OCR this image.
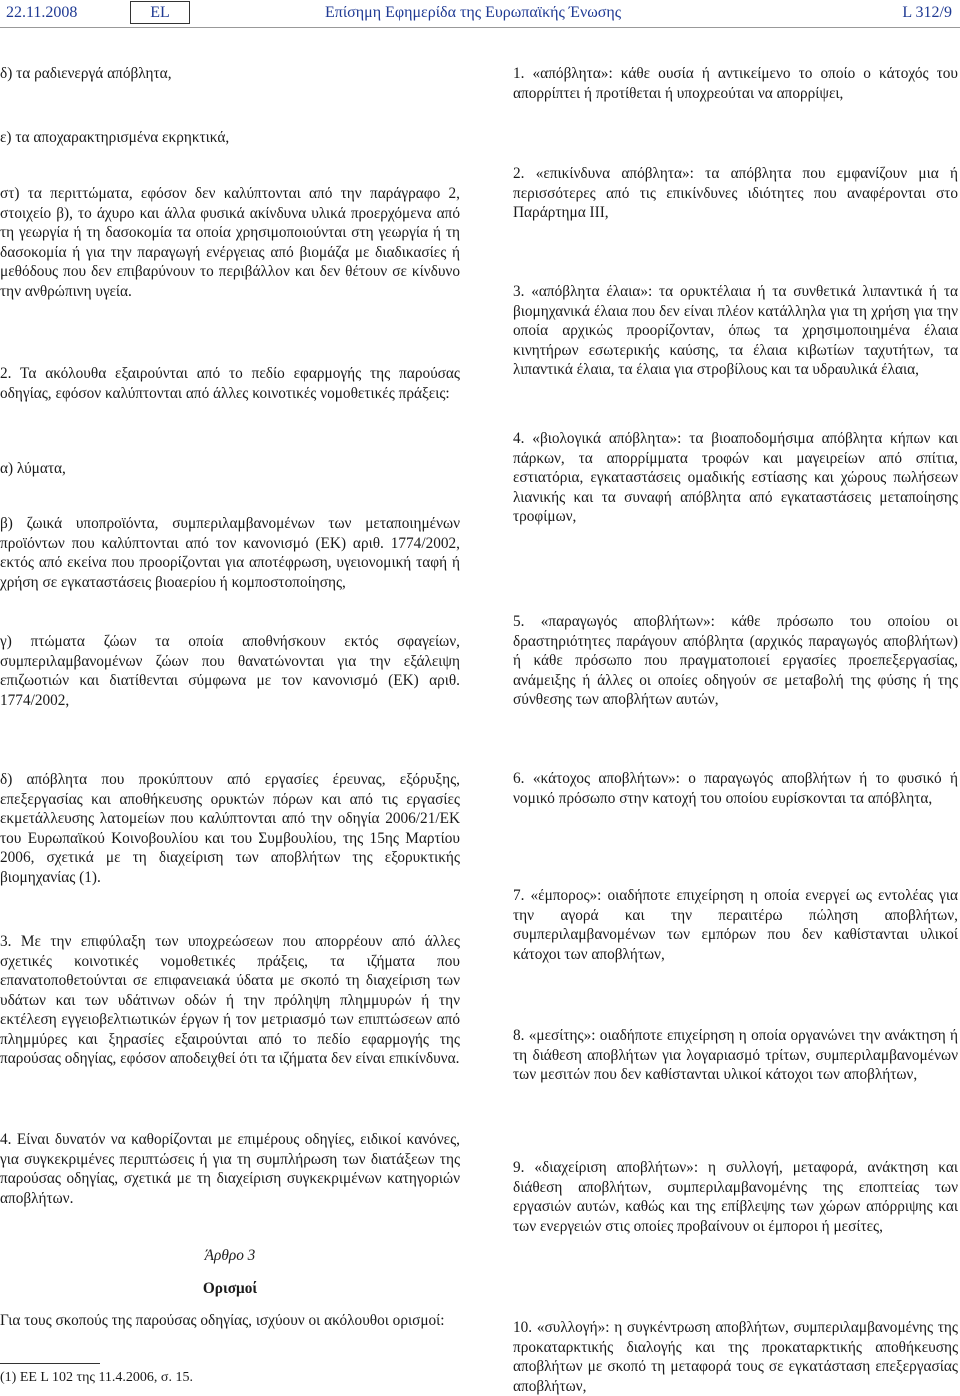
22.11.2008	EL	Επίσημη Εφημερίδα της Ευρωπαϊκής Ένωσης	L 312/9
δ) τα ραδιενεργά απόβλητα,
ε) τα αποχαρακτηρισμένα εκρηκτικά,
στ) τα περιττώματα, εφόσον δεν καλύπτονται από την παράγραφο 2, στοιχείο β), το άχυρο και άλλα φυσικά ακίνδυνα υλικά προερχόμενα από τη γεωργία ή τη δασοκομία τα οποία χρησιμοποιούνται στη γεωργία ή τη δασοκομία ή για την παραγωγή ενέργειας από βιομάζα με διαδικασίες ή μεθόδους που δεν επιβαρύνουν το περιβάλλον και δεν θέτουν σε κίνδυνο την ανθρώπινη υγεία.
2. Τα ακόλουθα εξαιρούνται από το πεδίο εφαρμογής της παρούσας οδηγίας, εφόσον καλύπτονται από άλλες κοινοτικές νομοθετικές πράξεις:
α) λύματα,
β) ζωικά υποπροϊόντα, συμπεριλαμβανομένων των μεταποιημένων προϊόντων που καλύπτονται από τον κανονισμό (ΕΚ) αριθ. 1774/2002, εκτός από εκείνα που προορίζονται για αποτέφρωση, υγειονομική ταφή ή χρήση σε εγκαταστάσεις βιοαερίου ή κομποστοποίησης,
γ) πτώματα ζώων τα οποία αποθνήσκουν εκτός σφαγείων, συμπεριλαμβανομένων ζώων που θανατώνονται για την εξάλειψη επιζωοτιών και διατίθενται σύμφωνα με τον κανονισμό (ΕΚ) αριθ. 1774/2002,
δ) απόβλητα που προκύπτουν από εργασίες έρευνας, εξόρυξης, επεξεργασίας και αποθήκευσης ορυκτών πόρων και από τις εργασίες εκμετάλλευσης λατομείων που καλύπτονται από την οδηγία 2006/21/ΕΚ του Ευρωπαϊκού Κοινοβουλίου και του Συμβουλίου, της 15ης Μαρτίου 2006, σχετικά με τη διαχείριση των αποβλήτων της εξορυκτικής βιομηχανίας (1).
3. Με την επιφύλαξη των υποχρεώσεων που απορρέουν από άλλες σχετικές κοινοτικές νομοθετικές πράξεις, τα ιζήματα που επανατοποθετούνται σε επιφανειακά ύδατα με σκοπό τη διαχείριση των υδάτων και των υδάτινων οδών ή την πρόληψη πλημμυρών ή την εκτέλεση εγγειοβελτιωτικών έργων ή τον μετριασμό των επιπτώσεων από πλημμύρες και ξηρασίες εξαιρούνται από το πεδίο εφαρμογής της παρούσας οδηγίας, εφόσον αποδειχθεί ότι τα ιζήματα δεν είναι επικίνδυνα.
4. Είναι δυνατόν να καθορίζονται με επιμέρους οδηγίες, ειδικοί κανόνες, για συγκεκριμένες περιπτώσεις ή για τη συμπλήρωση των διατάξεων της παρούσας οδηγίας, σχετικά με τη διαχείριση συγκεκριμένων κατηγοριών αποβλήτων.
Άρθρο 3
Ορισμοί
Για τους σκοπούς της παρούσας οδηγίας, ισχύουν οι ακόλουθοι ορισμοί:
(1) ΕΕ L 102 της 11.4.2006, σ. 15.
1. «απόβλητα»: κάθε ουσία ή αντικείμενο το οποίο ο κάτοχός του απορρίπτει ή προτίθεται ή υποχρεούται να απορρίψει,
2. «επικίνδυνα απόβλητα»: τα απόβλητα που εμφανίζουν μια ή περισσότερες από τις επικίνδυνες ιδιότητες που αναφέρονται στο Παράρτημα III,
3. «απόβλητα έλαια»: τα ορυκτέλαια ή τα συνθετικά λιπαντικά ή τα βιομηχανικά έλαια που δεν είναι πλέον κατάλληλα για τη χρήση για την οποία αρχικώς προορίζονταν, όπως τα χρησιμοποιημένα έλαια κινητήρων εσωτερικής καύσης, τα έλαια κιβωτίων ταχυτήτων, τα λιπαντικά έλαια, τα έλαια για στροβίλους και τα υδραυλικά έλαια,
4. «βιολογικά απόβλητα»: τα βιοαποδομήσιμα απόβλητα κήπων και πάρκων, τα απορρίμματα τροφών και μαγειρείων από σπίτια, εστιατόρια, εγκαταστάσεις ομαδικής εστίασης και χώρους πωλήσεων λιανικής και τα συναφή απόβλητα από εγκαταστάσεις μεταποίησης τροφίμων,
5. «παραγωγός αποβλήτων»: κάθε πρόσωπο του οποίου οι δραστηριότητες παράγουν απόβλητα (αρχικός παραγωγός αποβλήτων) ή κάθε πρόσωπο που πραγματοποιεί εργασίες προεπεξεργασίας, ανάμειξης ή άλλες οι οποίες οδηγούν σε μεταβολή της φύσης ή της σύνθεσης των αποβλήτων αυτών,
6. «κάτοχος αποβλήτων»: ο παραγωγός αποβλήτων ή το φυσικό ή νομικό πρόσωπο στην κατοχή του οποίου ευρίσκονται τα απόβλητα,
7. «έμπορος»: οιαδήποτε επιχείρηση η οποία ενεργεί ως εντολέας για την αγορά και την περαιτέρω πώληση αποβλήτων, συμπεριλαμβανομένων των εμπόρων που δεν καθίστανται υλικοί κάτοχοι των αποβλήτων,
8. «μεσίτης»: οιαδήποτε επιχείρηση η οποία οργανώνει την ανάκτηση ή τη διάθεση αποβλήτων για λογαριασμό τρίτων, συμπεριλαμβανομένων των μεσιτών που δεν καθίστανται υλικοί κάτοχοι των αποβλήτων,
9. «διαχείριση αποβλήτων»: η συλλογή, μεταφορά, ανάκτηση και διάθεση αποβλήτων, συμπεριλαμβανομένης της εποπτείας των εργασιών αυτών, καθώς και της επίβλεψης των χώρων απόρριψης και των ενεργειών στις οποίες προβαίνουν οι έμποροι ή μεσίτες,
10. «συλλογή»: η συγκέντρωση αποβλήτων, συμπεριλαμβανομένης της προκαταρκτικής διαλογής και της προκαταρκτικής αποθήκευσης αποβλήτων με σκοπό τη μεταφορά τους σε εγκατάσταση επεξεργασίας αποβλήτων,
